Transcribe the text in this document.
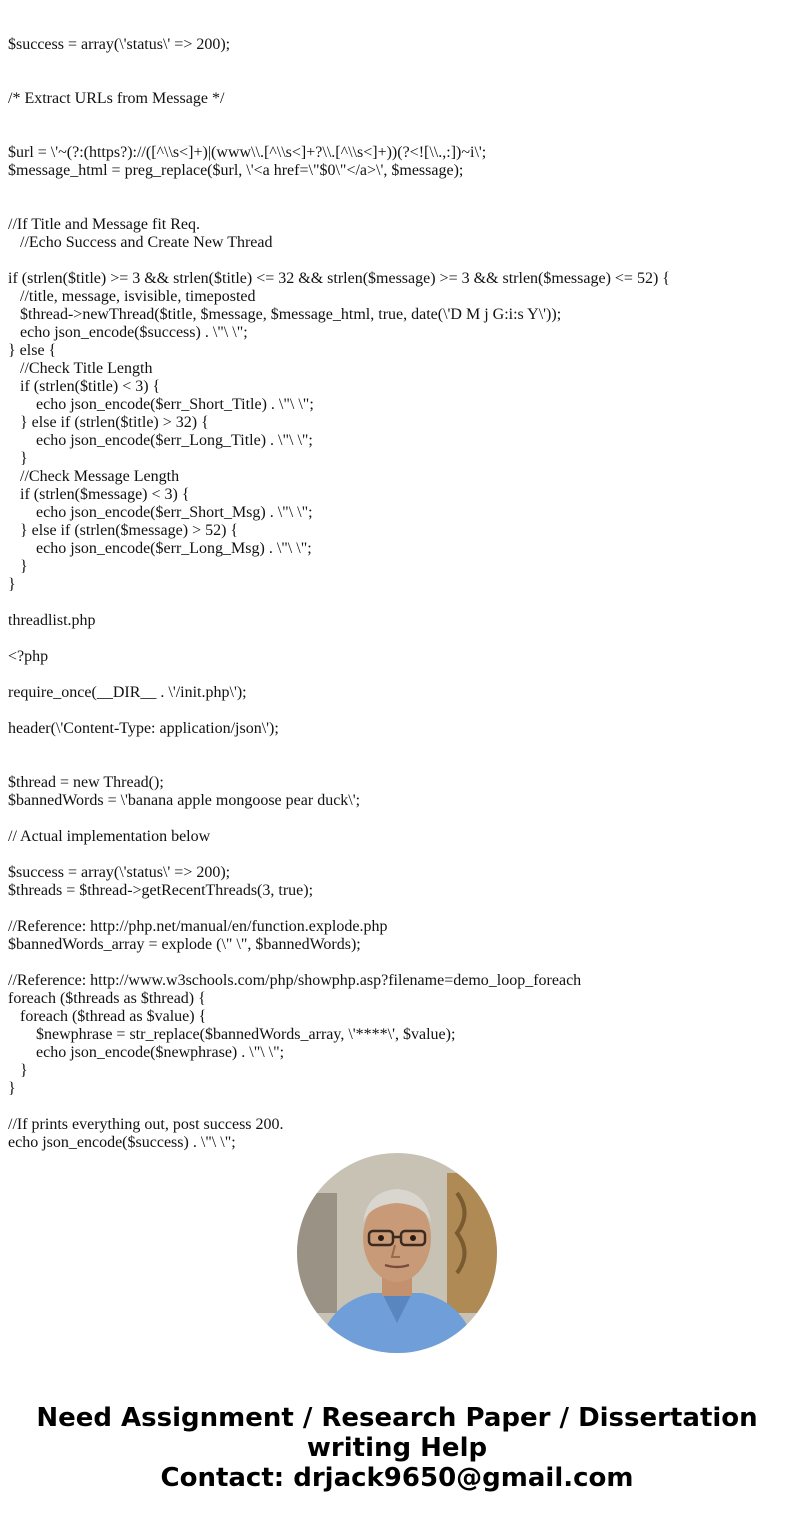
$success = array(\'status\' => 200);
/* Extract URLs from Message */
$url = \'~(?:(https?)://([^\\s<]+)|(www\\.[^\\s<]+?\\.[^\\s<]+))(?<![\\.,:])~i\';
$message_html = preg_replace($url, \'<a href=\"$0\"</a>\', $message);
//If Title and Message fit Req.
//Echo Success and Create New Thread
if (strlen($title) >= 3 && strlen($title) <= 32 && strlen($message) >= 3 && strlen($message) <= 52) {
//title, message, isvisible, timeposted
$thread->newThread($title, $message, $message_html, true, date(\'D M j G:i:s Y\'));
echo json_encode($success) . \"\ \";
} else {
//Check Title Length
if (strlen($title) < 3) {
echo json_encode($err_Short_Title) . \"\ \";
} else if (strlen($title) > 32) {
echo json_encode($err_Long_Title) . \"\ \";
}
//Check Message Length
if (strlen($message) < 3) {
echo json_encode($err_Short_Msg) . \"\ \";
} else if (strlen($message) > 52) {
echo json_encode($err_Long_Msg) . \"\ \";
}
}
threadlist.php
<?php
require_once(__DIR__ . \'/init.php\');
header(\'Content-Type: application/json\');
$thread = new Thread();
$bannedWords = \'banana apple mongoose pear duck\';
// Actual implementation below
$success = array(\'status\' => 200);
$threads = $thread->getRecentThreads(3, true);
//Reference: http://php.net/manual/en/function.explode.php
$bannedWords_array = explode (\" \", $bannedWords);
//Reference: http://www.w3schools.com/php/showphp.asp?filename=demo_loop_foreach
foreach ($threads as $thread) {
foreach ($thread as $value) {
$newphrase = str_replace($bannedWords_array, \'****\', $value);
echo json_encode($newphrase) . \"\ \";
}
}
//If prints everything out, post success 200.
echo json_encode($success) . \"\ \";
Need Assignment / Research Paper / Dissertation
writing Help
Contact: drjack9650@gmail.com
